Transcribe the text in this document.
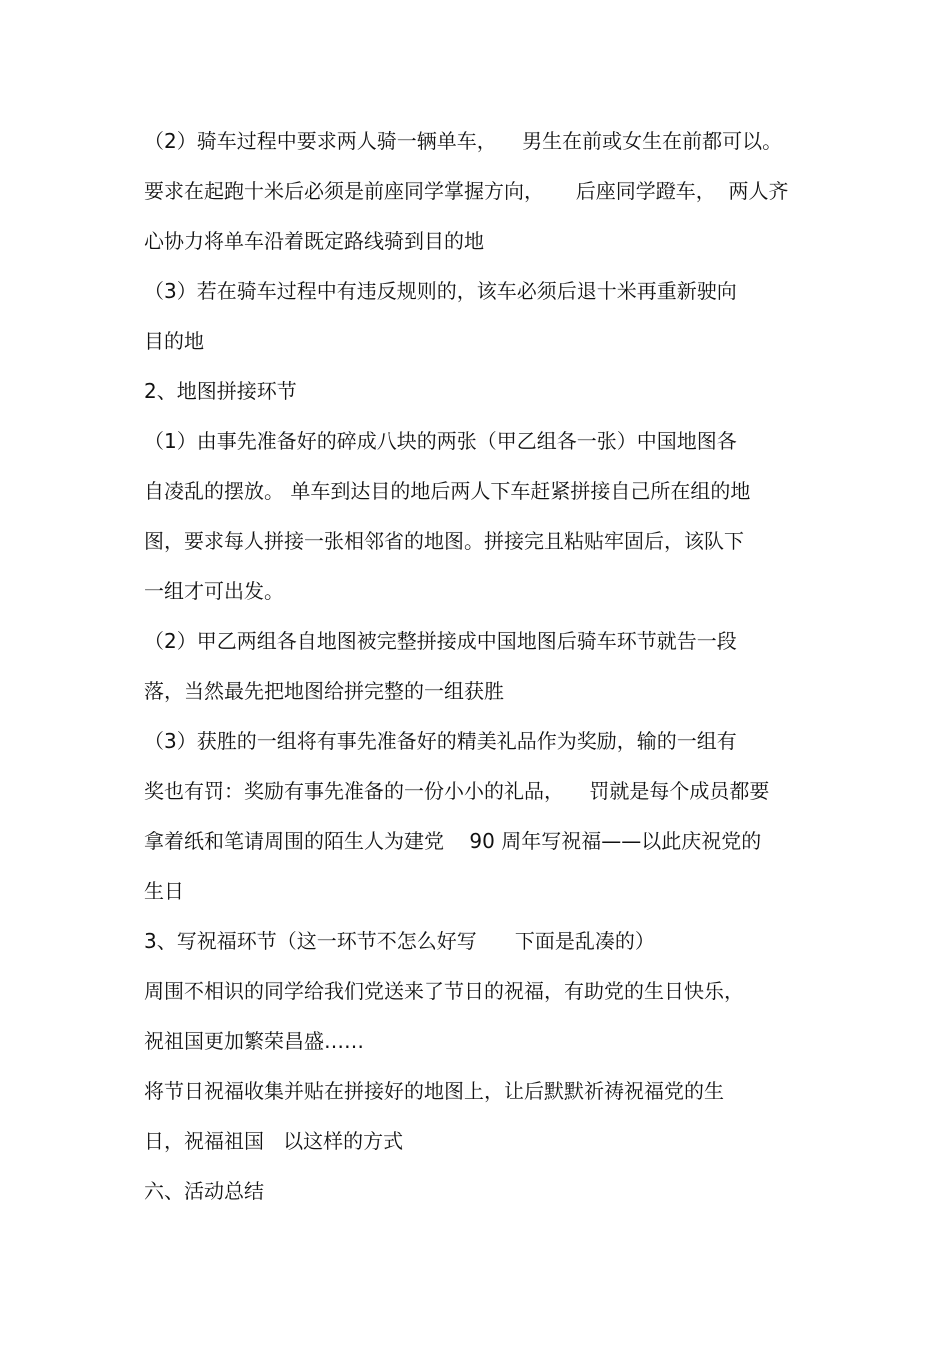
（2）骑车过程中要求两人骑一辆单车，    男生在前或女生在前都可以。
要求在起跑十米后必须是前座同学掌握方向，     后座同学蹬车，  两人齐
心协力将单车沿着既定路线骑到目的地
（3）若在骑车过程中有违反规则的，该车必须后退十米再重新驶向
目的地
2、地图拼接环节
（1）由事先准备好的碎成八块的两张（甲乙组各一张）中国地图各
自凌乱的摆放。 单车到达目的地后两人下车赶紧拼接自己所在组的地
图，要求每人拼接一张相邻省的地图。拼接完且粘贴牢固后，该队下
一组才可出发。
（2）甲乙两组各自地图被完整拼接成中国地图后骑车环节就告一段
落，当然最先把地图给拼完整的一组获胜
（3）获胜的一组将有事先准备好的精美礼品作为奖励，输的一组有
奖也有罚：奖励有事先准备的一份小小的礼品，    罚就是每个成员都要
拿着纸和笔请周围的陌生人为建党    90 周年写祝福——以此庆祝党的
生日
3、写祝福环节（这一环节不怎么好写      下面是乱凑的）
周围不相识的同学给我们党送来了节日的祝福，有助党的生日快乐，
祝祖国更加繁荣昌盛……
将节日祝福收集并贴在拼接好的地图上，让后默默祈祷祝福党的生
日，祝福祖国   以这样的方式
六、活动总结
